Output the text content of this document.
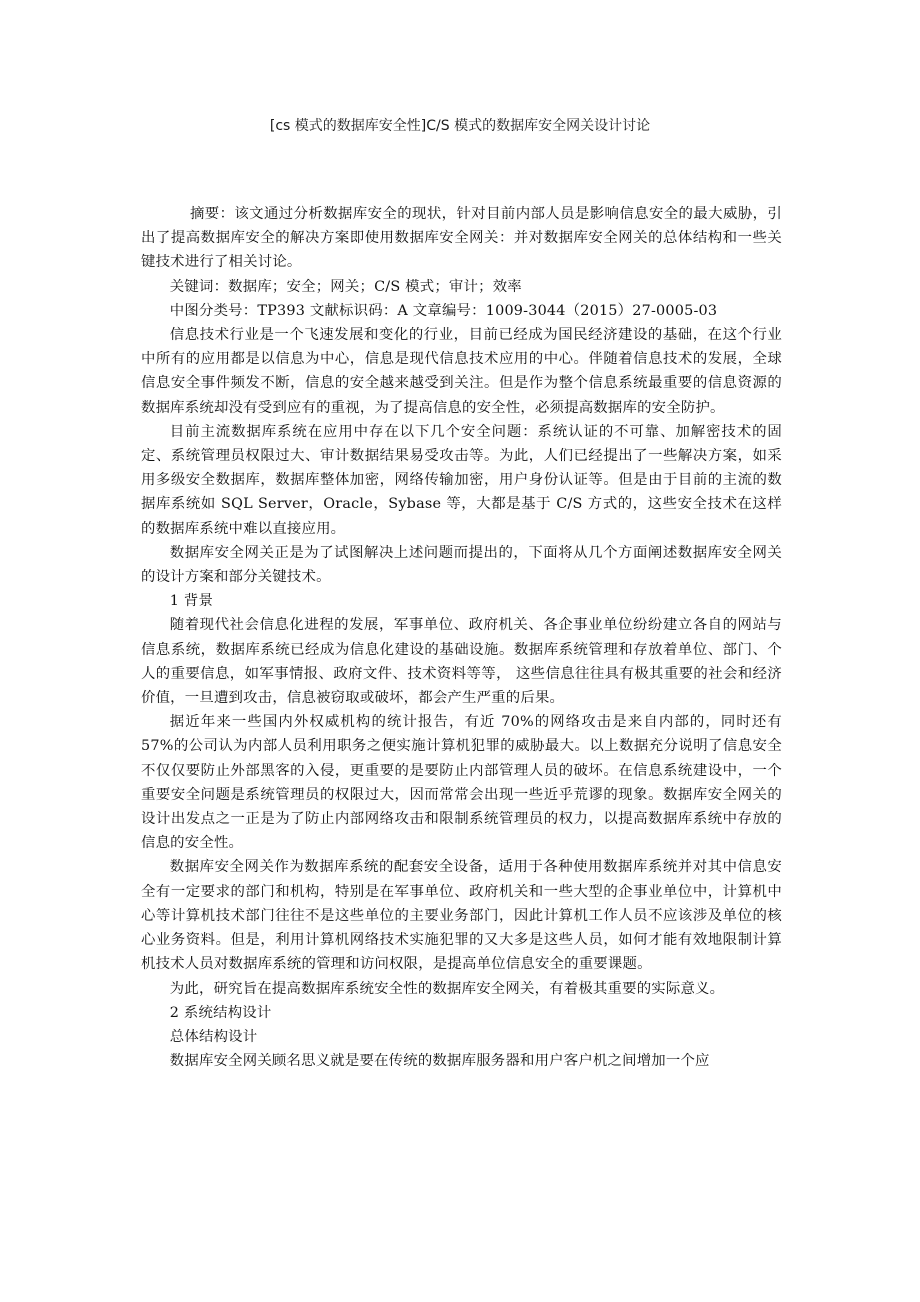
[cs 模式的数据库安全性]C/S 模式的数据库安全网关设计讨论

摘要：该文通过分析数据库安全的现状，针对目前内部人员是影响信息安全的最大威胁，引出了提高数据库安全的解决方案即使用数据库安全网关：并对数据库安全网关的总体结构和一些关键技术进行了相关讨论。

关键词：数据库；安全；网关；C/S 模式；审计；效率

中图分类号：TP393 文献标识码：A 文章编号：1009-3044（2015）27-0005-03

信息技术行业是一个飞速发展和变化的行业，目前已经成为国民经济建设的基础，在这个行业中所有的应用都是以信息为中心，信息是现代信息技术应用的中心。伴随着信息技术的发展，全球信息安全事件频发不断，信息的安全越来越受到关注。但是作为整个信息系统最重要的信息资源的数据库系统却没有受到应有的重视，为了提高信息的安全性，必须提高数据库的安全防护。

目前主流数据库系统在应用中存在以下几个安全问题：系统认证的不可靠、加解密技术的固定、系统管理员权限过大、审计数据结果易受攻击等。为此，人们已经提出了一些解决方案，如采用多级安全数据库，数据库整体加密，网络传输加密，用户身份认证等。但是由于目前的主流的数据库系统如 SQL Server，Oracle，Sybase 等，大都是基于 C/S 方式的，这些安全技术在这样的数据库系统中难以直接应用。

数据库安全网关正是为了试图解决上述问题而提出的，下面将从几个方面阐述数据库安全网关的设计方案和部分关键技术。

1 背景

随着现代社会信息化进程的发展，军事单位、政府机关、各企事业单位纷纷建立各自的网站与信息系统，数据库系统已经成为信息化建设的基础设施。数据库系统管理和存放着单位、部门、个人的重要信息，如军事情报、政府文件、技术资料等等， 这些信息往往具有极其重要的社会和经济价值，一旦遭到攻击，信息被窃取或破坏，都会产生严重的后果。

据近年来一些国内外权威机构的统计报告，有近 70%的网络攻击是来自内部的，同时还有 57%的公司认为内部人员利用职务之便实施计算机犯罪的威胁最大。以上数据充分说明了信息安全不仅仅要防止外部黑客的入侵，更重要的是要防止内部管理人员的破坏。在信息系统建设中，一个重要安全问题是系统管理员的权限过大，因而常常会出现一些近乎荒谬的现象。数据库安全网关的设计出发点之一正是为了防止内部网络攻击和限制系统管理员的权力，以提高数据库系统中存放的信息的安全性。

数据库安全网关作为数据库系统的配套安全设备，适用于各种使用数据库系统并对其中信息安全有一定要求的部门和机构，特别是在军事单位、政府机关和一些大型的企事业单位中，计算机中心等计算机技术部门往往不是这些单位的主要业务部门，因此计算机工作人员不应该涉及单位的核心业务资料。但是，利用计算机网络技术实施犯罪的又大多是这些人员，如何才能有效地限制计算机技术人员对数据库系统的管理和访问权限，是提高单位信息安全的重要课题。

为此，研究旨在提高数据库系统安全性的数据库安全网关，有着极其重要的实际意义。

2 系统结构设计

总体结构设计

数据库安全网关顾名思义就是要在传统的数据库服务器和用户客户机之间增加一个应
